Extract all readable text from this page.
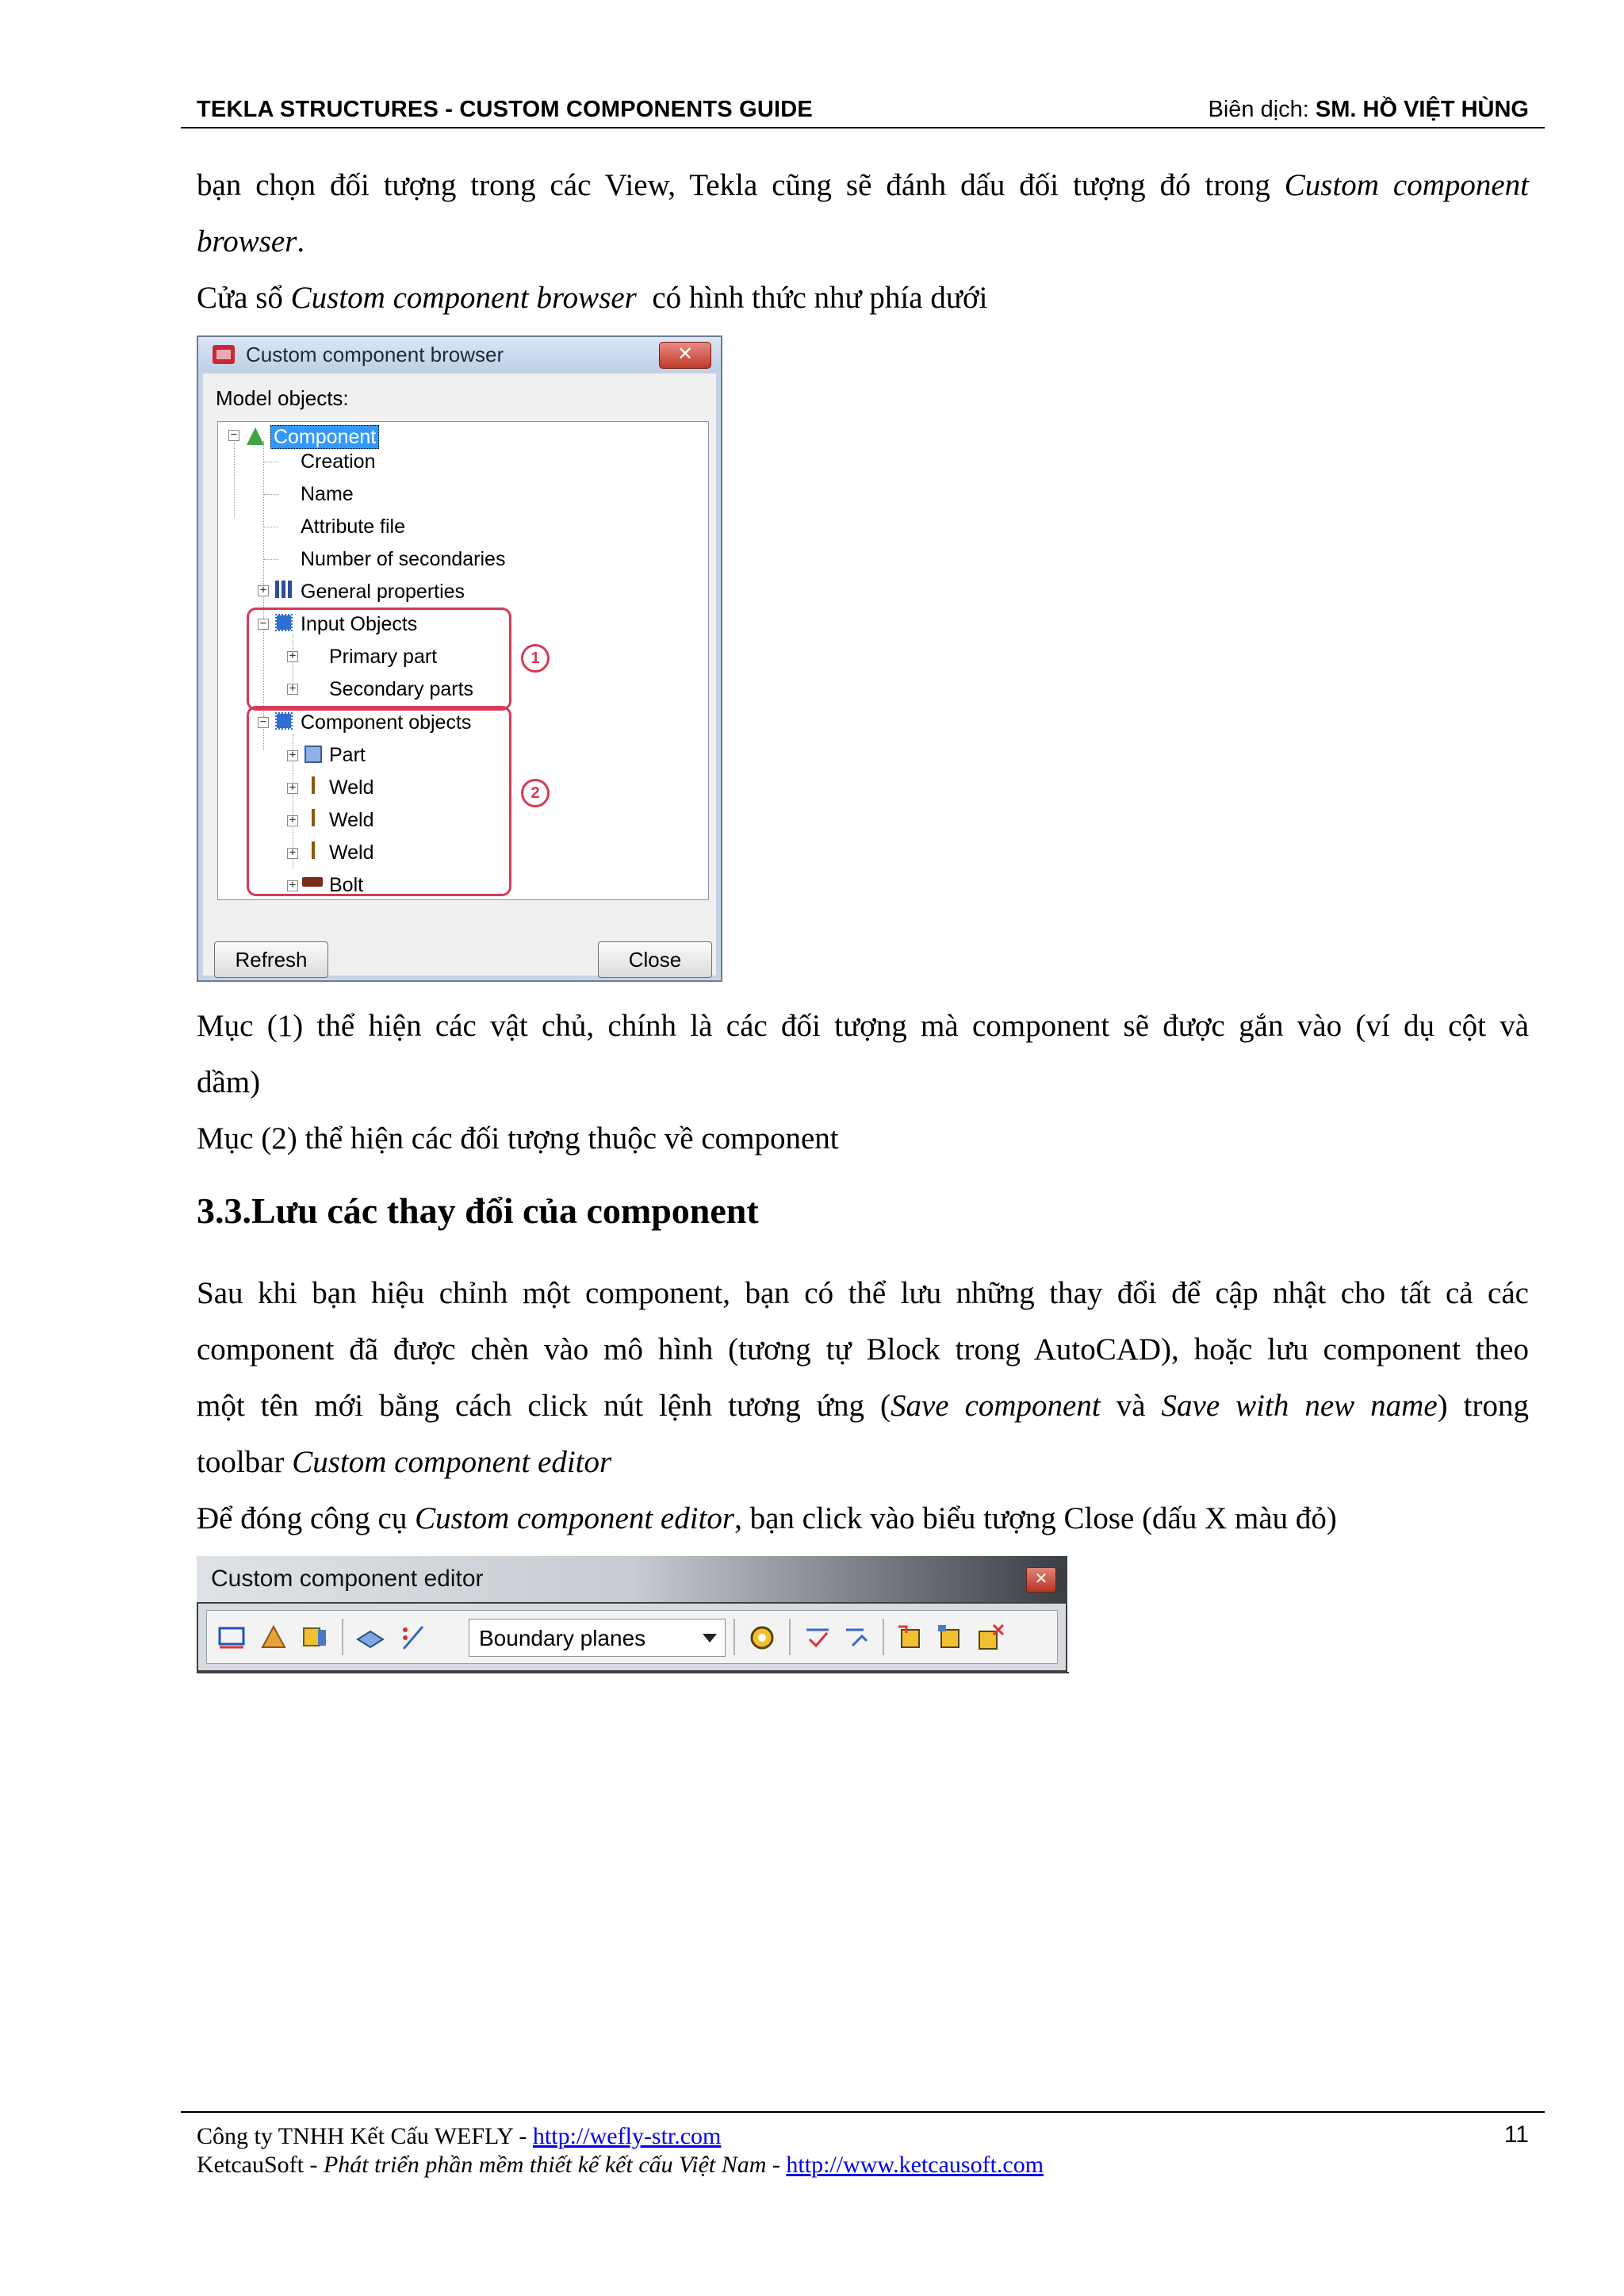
TEKLA STRUCTURES - CUSTOM COMPONENTS GUIDE	Biên dịch: SM. HỒ VIỆT HÙNG
bạn chọn đối tượng trong các View, Tekla cũng sẽ đánh dấu đối tượng đó trong Custom component
browser.
Cửa sổ Custom component browser có hình thức như phía dưới
Custom component browser	✕
Model objects:
− Component
Creation
Name
Attribute file
Number of secondaries
+ General properties
− Input Objects
+ Primary part
+ Secondary parts
− Component objects
+ Part
+ Weld
+ Weld
+ Weld
+ Bolt
1
2
Refresh	Close
Mục (1) thể hiện các vật chủ, chính là các đối tượng mà component sẽ được gắn vào (ví dụ cột và
dầm)
Mục (2) thể hiện các đối tượng thuộc về component
3.3.Lưu các thay đổi của component
Sau khi bạn hiệu chỉnh một component, bạn có thể lưu những thay đổi để cập nhật cho tất cả các
component đã được chèn vào mô hình (tương tự Block trong AutoCAD), hoặc lưu component theo
một tên mới bằng cách click nút lệnh tương ứng (Save component và Save with new name) trong
toolbar Custom component editor
Để đóng công cụ Custom component editor, bạn click vào biểu tượng Close (dấu X màu đỏ)
Custom component editor	✕
Boundary planes
Công ty TNHH Kết Cấu WEFLY - http://wefly-str.com
KetcauSoft - Phát triển phần mềm thiết kế kết cấu Việt Nam - http://www.ketcausoft.com
11
